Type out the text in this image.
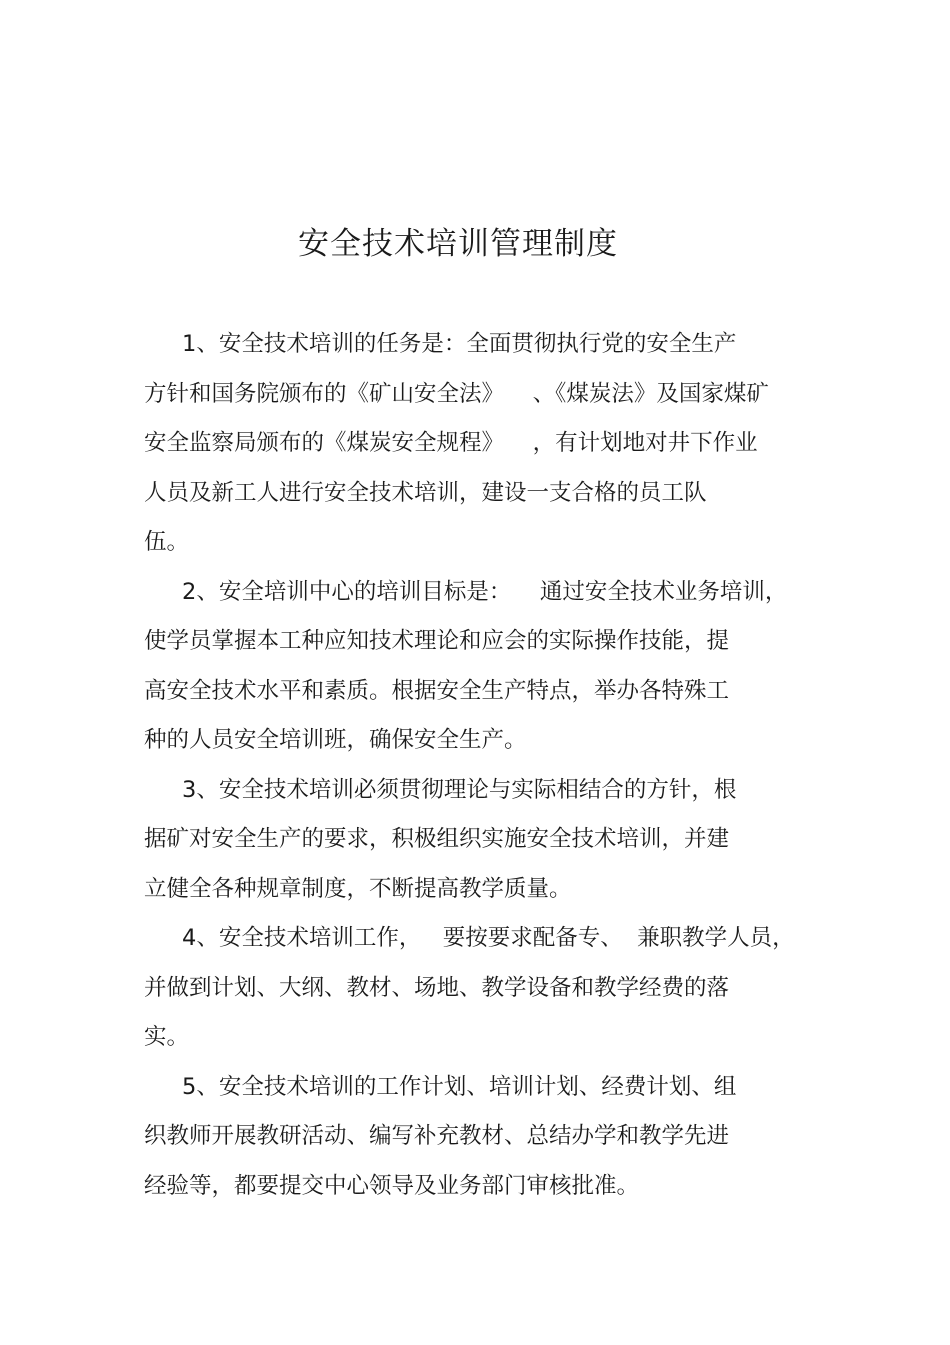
安全技术培训管理制度
1、安全技术培训的任务是：全面贯彻执行党的安全生产
方针和国务院颁布的《矿山安全法》    、《煤炭法》及国家煤矿
安全监察局颁布的《煤炭安全规程》    ，有计划地对井下作业
人员及新工人进行安全技术培训，建设一支合格的员工队
伍。
2、安全培训中心的培训目标是：    通过安全技术业务培训，
使学员掌握本工种应知技术理论和应会的实际操作技能，提
高安全技术水平和素质。根据安全生产特点，举办各特殊工
种的人员安全培训班，确保安全生产。
3、安全技术培训必须贯彻理论与实际相结合的方针，根
据矿对安全生产的要求，积极组织实施安全技术培训，并建
立健全各种规章制度，不断提高教学质量。
4、安全技术培训工作，   要按要求配备专、  兼职教学人员，
并做到计划、大纲、教材、场地、教学设备和教学经费的落
实。
5、安全技术培训的工作计划、培训计划、经费计划、组
织教师开展教研活动、编写补充教材、总结办学和教学先进
经验等，都要提交中心领导及业务部门审核批准。
